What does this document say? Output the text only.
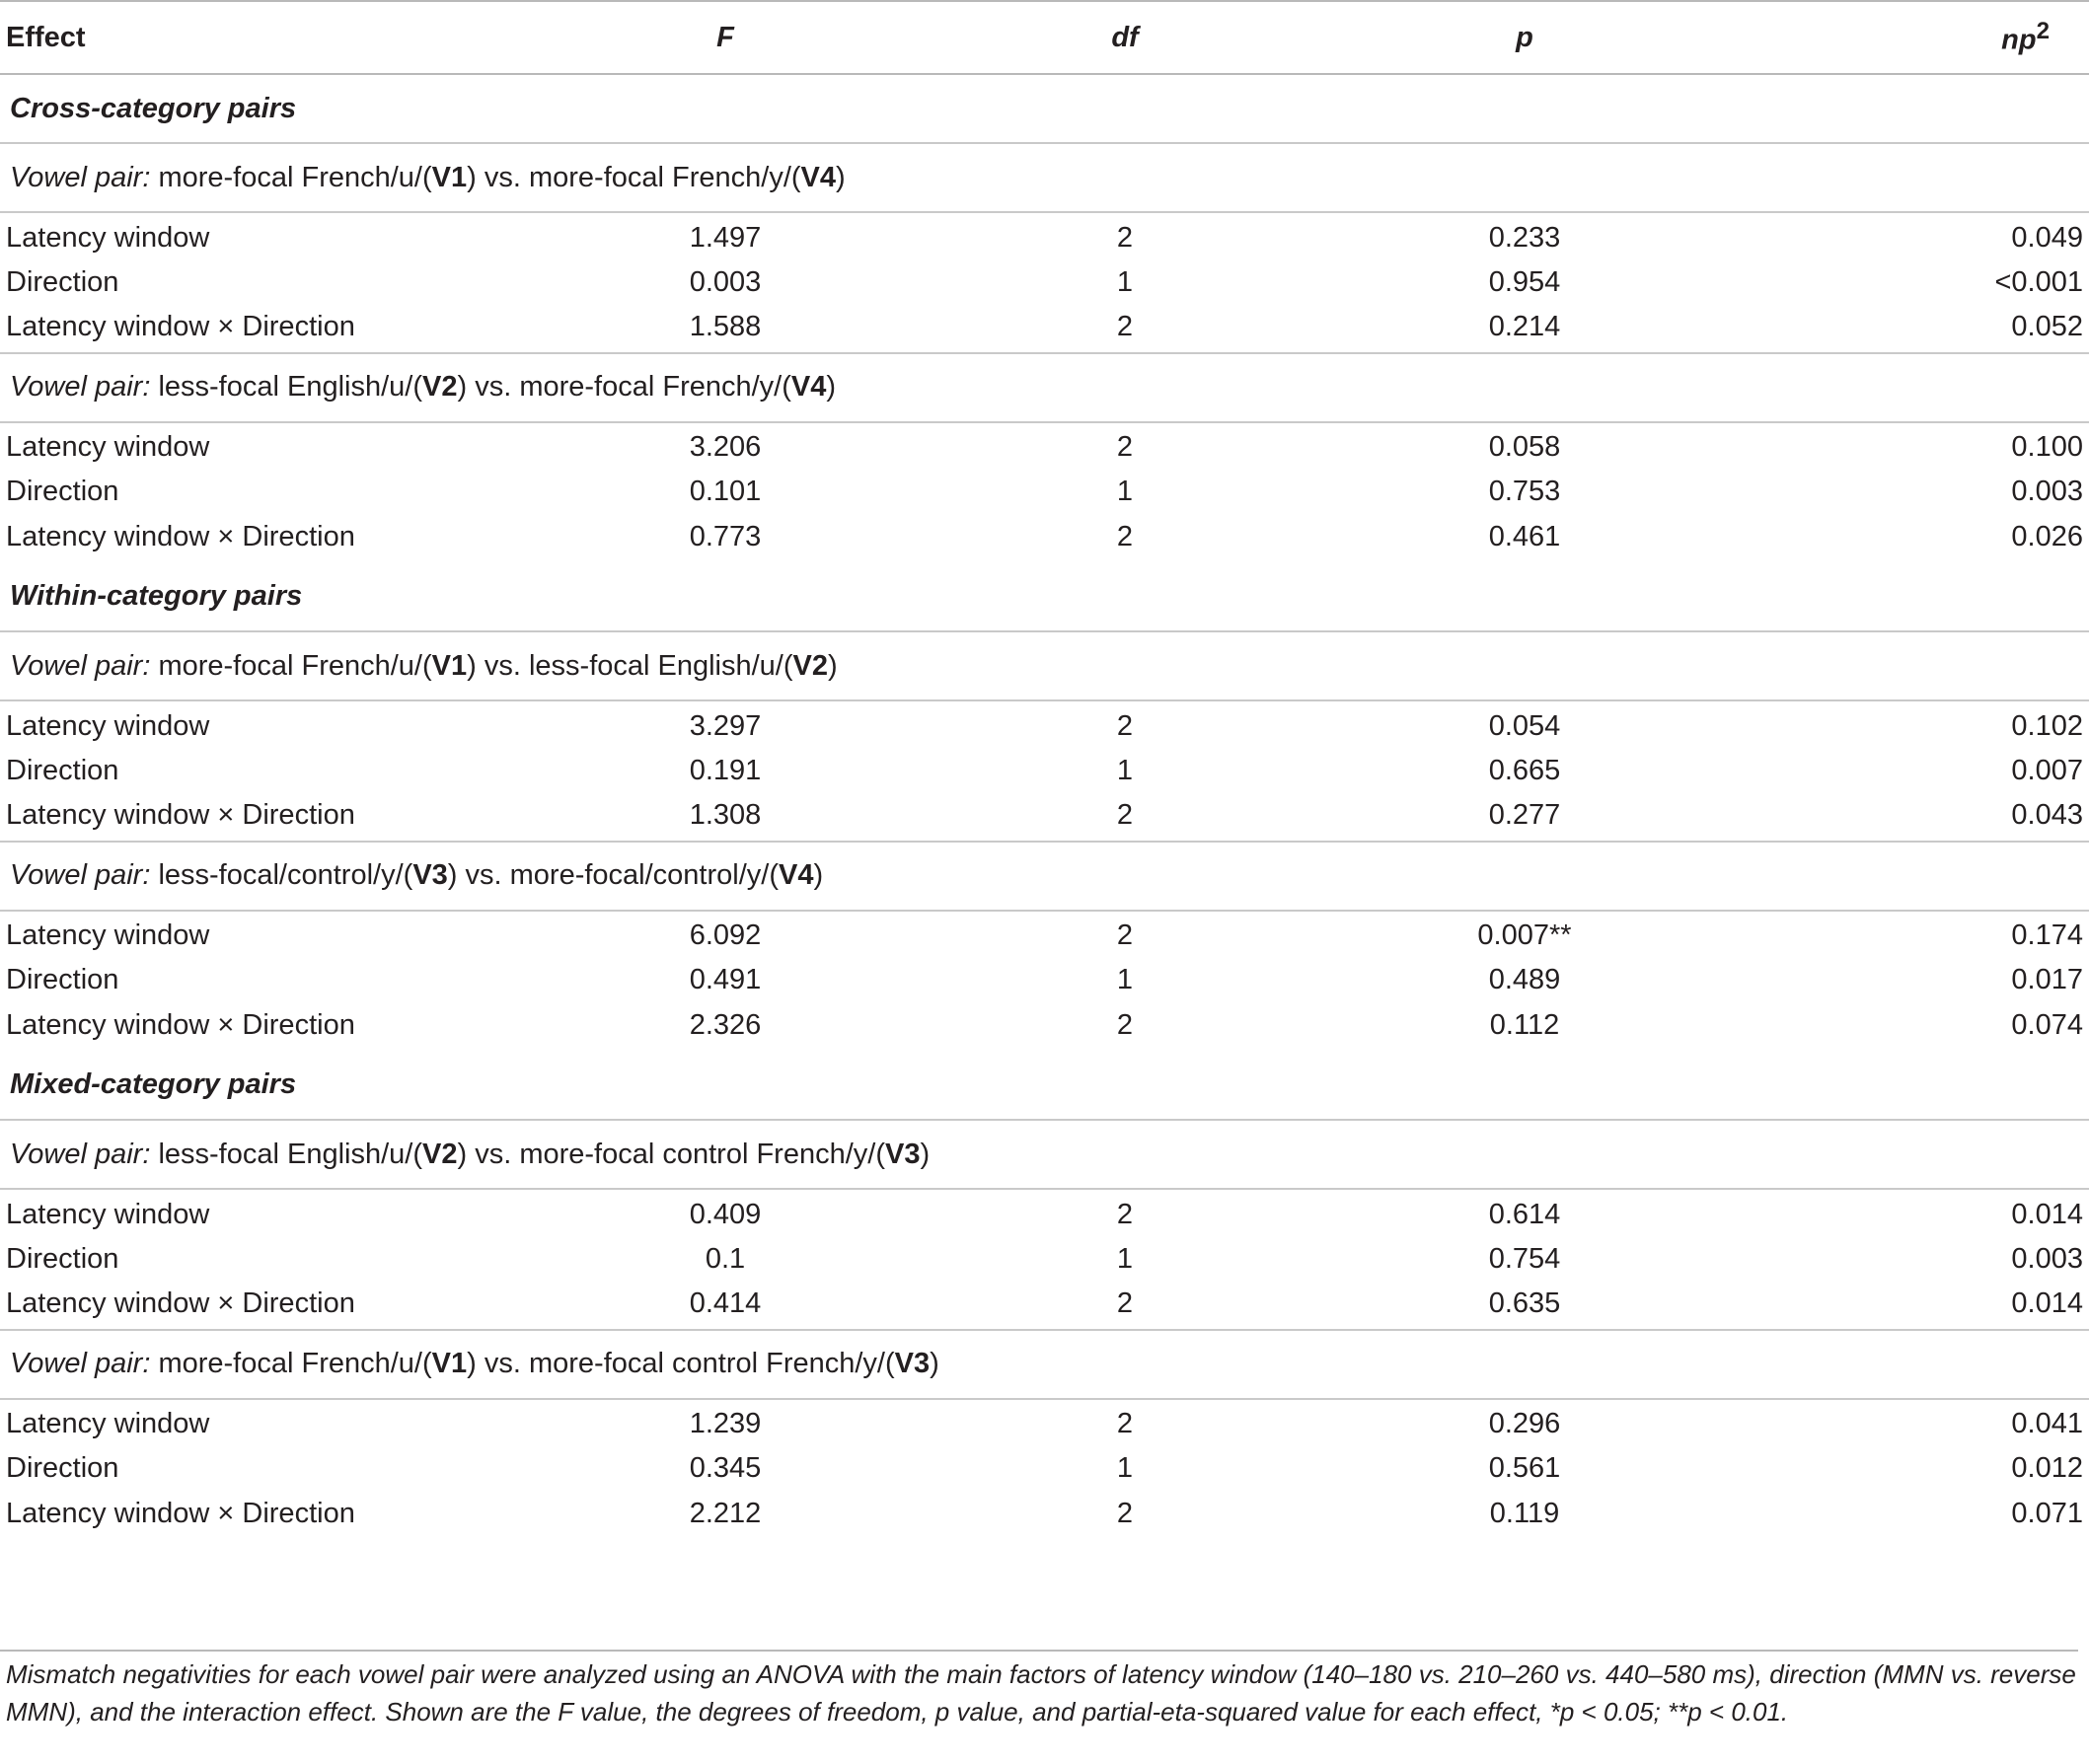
Effect	F	df	p	$np^2$
Cross-category pairs				
Vowel pair: more-focal French/u/(V1) vs. more-focal French/y/(V4)				
Latency window	1.497	2	0.233	0.049
Direction	0.003	1	0.954	<0.001
Latency window × Direction	1.588	2	0.214	0.052
Vowel pair: less-focal English/u/(V2) vs. more-focal French/y/(V4)				
Latency window	3.206	2	0.058	0.100
Direction	0.101	1	0.753	0.003
Latency window × Direction	0.773	2	0.461	0.026
Within-category pairs				
Vowel pair: more-focal French/u/(V1) vs. less-focal English/u/(V2)				
Latency window	3.297	2	0.054	0.102
Direction	0.191	1	0.665	0.007
Latency window × Direction	1.308	2	0.277	0.043
Vowel pair: less-focal/control/y/(V3) vs. more-focal/control/y/(V4)				
Latency window	6.092	2	0.007**	0.174
Direction	0.491	1	0.489	0.017
Latency window × Direction	2.326	2	0.112	0.074
Mixed-category pairs				
Vowel pair: less-focal English/u/(V2) vs. more-focal control French/y/(V3)				
Latency window	0.409	2	0.614	0.014
Direction	0.1	1	0.754	0.003
Latency window × Direction	0.414	2	0.635	0.014
Vowel pair: more-focal French/u/(V1) vs. more-focal control French/y/(V3)				
Latency window	1.239	2	0.296	0.041
Direction	0.345	1	0.561	0.012
Latency window × Direction	2.212	2	0.119	0.071
Mismatch negativities for each vowel pair were analyzed using an ANOVA with the main factors of latency window (140–180 vs. 210–260 vs. 440–580 ms), direction (MMN vs. reverse MMN), and the interaction effect. Shown are the F value, the degrees of freedom, p value, and partial-eta-squared value for each effect, *p < 0.05; **p < 0.01.
